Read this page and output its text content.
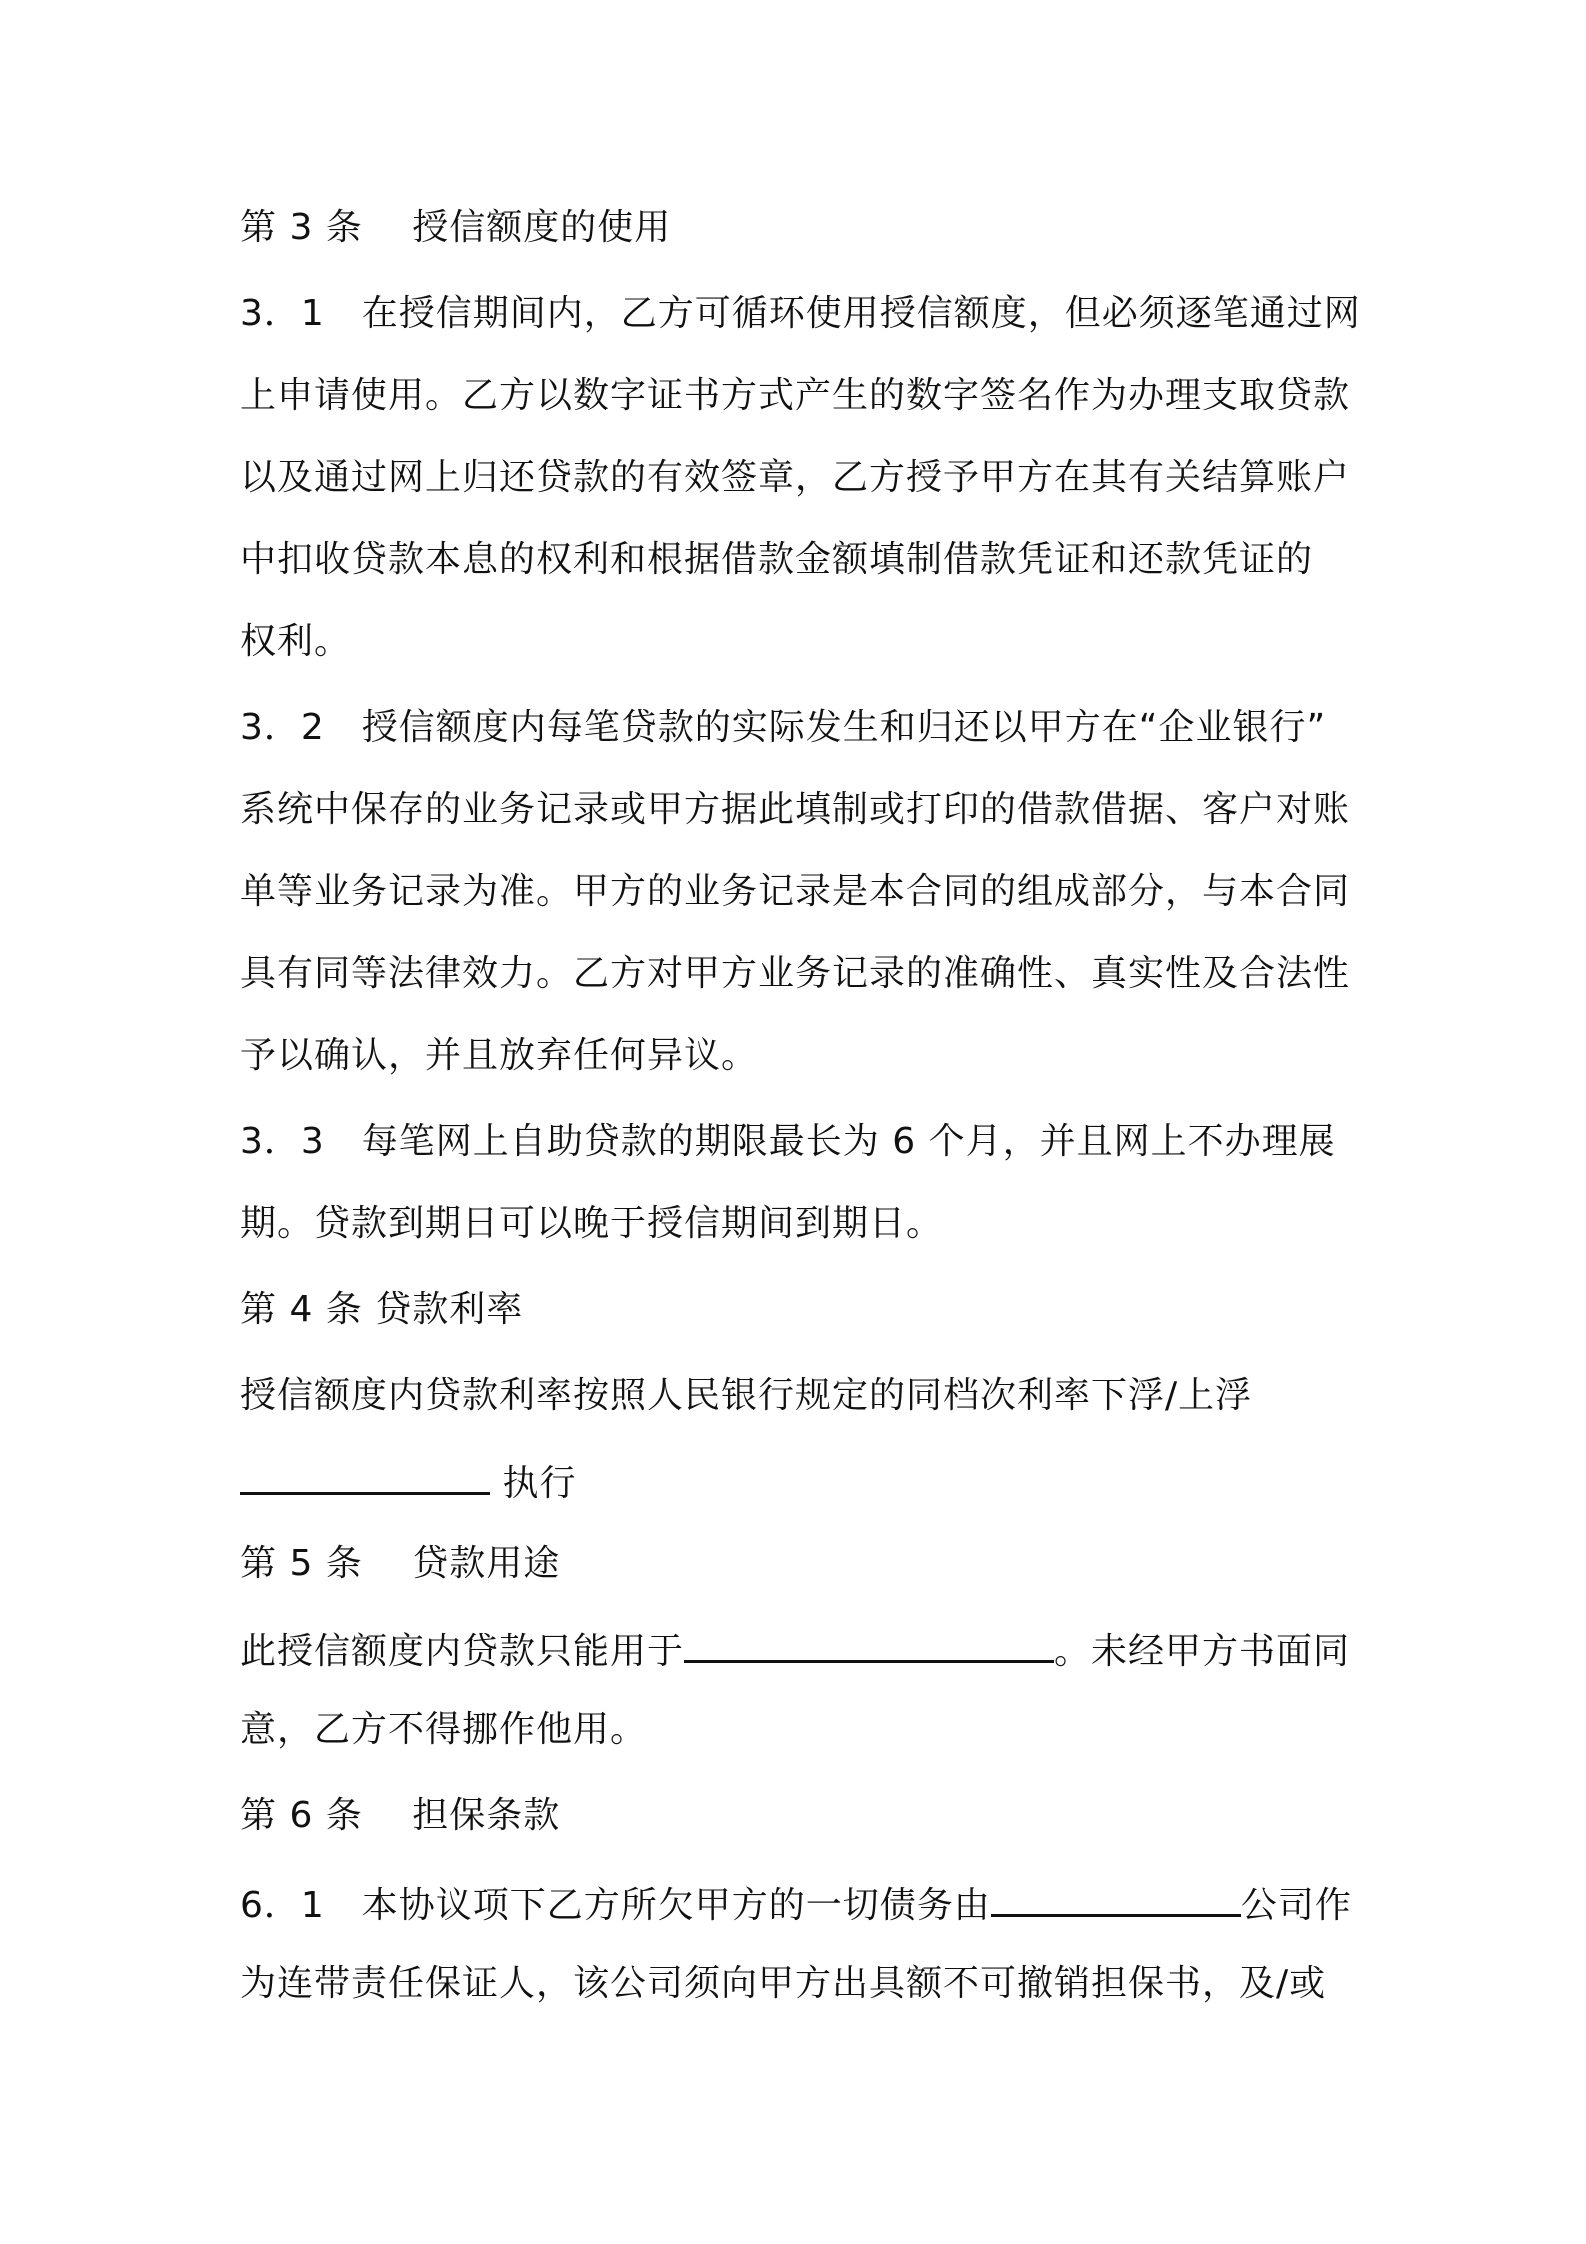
第 3 条　 授信额度的使用
3．1　在授信期间内，乙方可循环使用授信额度，但必须逐笔通过网
上申请使用。乙方以数字证书方式产生的数字签名作为办理支取贷款
以及通过网上归还贷款的有效签章，乙方授予甲方在其有关结算账户
中扣收贷款本息的权利和根据借款金额填制借款凭证和还款凭证的
权利。
3．2　授信额度内每笔贷款的实际发生和归还以甲方在“企业银行”
系统中保存的业务记录或甲方据此填制或打印的借款借据、客户对账
单等业务记录为准。甲方的业务记录是本合同的组成部分，与本合同
具有同等法律效力。乙方对甲方业务记录的准确性、真实性及合法性
予以确认，并且放弃任何异议。
3．3　每笔网上自助贷款的期限最长为 6 个月，并且网上不办理展
期。贷款到期日可以晚于授信期间到期日。
第 4 条 贷款利率
授信额度内贷款利率按照人民银行规定的同档次利率下浮/上浮
执行
第 5 条　 贷款用途
此授信额度内贷款只能用于	。未经甲方书面同
意，乙方不得挪作他用。
第 6 条　 担保条款
6．1　本协议项下乙方所欠甲方的一切债务由	公司作
为连带责任保证人，该公司须向甲方出具额不可撤销担保书，及/或
